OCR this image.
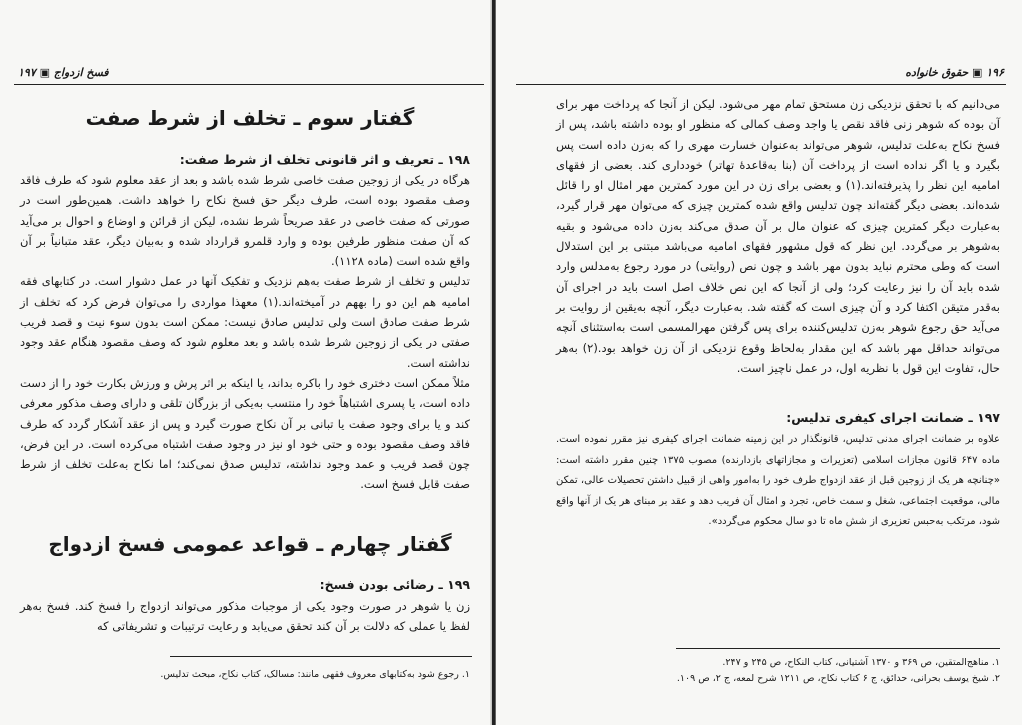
فسخ ازدواج ▣ ۱۹۷
گفتار سوم ـ تخلف از شرط صفت
۱۹۸ ـ تعریف و اثر قانونی تخلف از شرط صفت:

هرگاه در یکی از زوجین صفت خاصی شرط شده باشد و بعد از عقد معلوم شود که طرف فاقد وصف مقصود بوده است، طرف دیگر حق فسخ نکاح را خواهد داشت. همین‌طور است در صورتی که صفت خاصی در عقد صریحاً شرط نشده، لیکن از قرائن و اوضاع و احوال بر می‌آید که آن صفت منظور طرفین بوده و وارد قلمرو قرارداد شده و به‌بیان دیگر، عقد متبانیاً بر آن واقع شده است (ماده ۱۱۲۸).

تدلیس و تخلف از شرط صفت به‌هم نزدیک و تفکیک آنها در عمل دشوار است. در کتابهای فقه امامیه هم این دو را بههم در آمیخته‌اند.(۱) معهذا مواردی را می‌توان فرض کرد که تخلف از شرط صفت صادق است ولی تدلیس صادق نیست: ممکن است بدون سوء نیت و قصد فریب صفتی در یکی از زوجین شرط شده باشد و بعد معلوم شود که وصف مقصود هنگام عقد وجود نداشته است.

مثلاً ممکن است دختری خود را باکره بداند، یا اینکه بر اثر پرش و ورزش بکارت خود را از دست داده است، یا پسری اشتباهاً خود را منتسب به‌یکی از بزرگان تلقی و دارای وصف مذکور معرفی کند و یا برای وجود صفت یا تبانی بر آن نکاح صورت گیرد و پس از عقد آشکار گردد که طرف فاقد وصف مقصود بوده و حتی خود او نیز در وجود صفت اشتباه می‌کرده است. در این فرض، چون قصد فریب و عمد وجود نداشته، تدلیس صدق نمی‌کند؛ اما نکاح به‌علت تخلف از شرط صفت قابل فسخ است.

گفتار چهارم ـ قواعد عمومی فسخ ازدواج
۱۹۹ ـ رضائی بودن فسخ:

زن یا شوهر در صورت وجود یکی از موجبات مذکور می‌تواند ازدواج را فسخ کند. فسخ به‌هر لفظ یا عملی که دلالت بر آن کند تحقق می‌یابد و رعایت ترتیبات و تشریفاتی که

۱. رجوع شود به‌کتابهای معروف فقهی مانند: مسالک، کتاب نکاح، مبحث تدلیس.
۱۹۶ ▣ حقوق خانواده

می‌دانیم که با تحقق نزدیکی زن مستحق تمام مهر می‌شود. لیکن از آنجا که پرداخت مهر برای آن بوده که شوهر زنی فاقد نقص یا واجد وصف کمالی که منظور او بوده داشته باشد، پس از فسخ نکاح به‌علت تدلیس، شوهر می‌تواند به‌عنوان خسارت مهری را که به‌زن داده است پس بگیرد و یا اگر نداده است از پرداخت آن (بنا به‌قاعدهٔ تهاتر) خودداری کند. بعضی از فقهای امامیه این نظر را پذیرفته‌اند.(۱) و بعضی برای زن در این مورد کمترین مهر امثال او را قائل شده‌اند. بعضی دیگر گفته‌اند چون تدلیس واقع شده کمترین چیزی که می‌توان مهر قرار گیرد، به‌عبارت دیگر کمترین چیزی که عنوان مال بر آن صدق می‌کند به‌زن داده می‌شود و بقیه به‌شوهر بر می‌گردد. این نظر که قول مشهور فقهای امامیه می‌باشد مبتنی بر این استدلال است که وطی محترم نباید بدون مهر باشد و چون نص (روایتی) در مورد رجوع به‌مدلس وارد شده باید آن را نیز رعایت کرد؛ ولی از آنجا که این نص خلاف اصل است باید در اجرای آن به‌قدر متیقن اکتفا کرد و آن چیزی است که گفته شد. به‌عبارت دیگر، آنچه به‌یقین از روایت بر می‌آید حق رجوع شوهر به‌زن تدلیس‌کننده برای پس گرفتن مهرالمسمی است به‌استثنای آنچه می‌تواند حداقل مهر باشد که این مقدار به‌لحاظ وقوع نزدیکی از آن زن خواهد بود.(۲) به‌هر حال، تفاوت این قول با نظریه اول، در عمل ناچیز است.

۱۹۷ ـ ضمانت اجرای کیفری تدلیس:

علاوه بر ضمانت اجرای مدنی تدلیس، قانونگذار در این زمینه ضمانت اجرای کیفری نیز مقرر نموده است. ماده ۶۴۷ قانون مجازات اسلامی (تعزیرات و مجازاتهای بازدارنده) مصوب ۱۳۷۵ چنین مقرر داشته است: «چنانچه هر یک از زوجین قبل از عقد ازدواج طرف خود را به‌امور واهی از قبیل داشتن تحصیلات عالی، تمکن مالی، موقعیت اجتماعی، شغل و سمت خاص، تجرد و امثال آن فریب دهد و عقد بر مبنای هر یک از آنها واقع شود، مرتکب به‌حبس تعزیری از شش ماه تا دو سال محکوم می‌گردد».

۱. مناهج‌المتقین، ص ۳۶۹ و ۱۳۷۰ آشتیانی، کتاب النکاح، ص ۲۴۵ و ۲۴۷.
۲. شیخ یوسف بحرانی، حدائق، ج ۶ کتاب نکاح، ص ۱۲۱۱ شرح لمعه، ج ۲، ص ۱۰۹.
